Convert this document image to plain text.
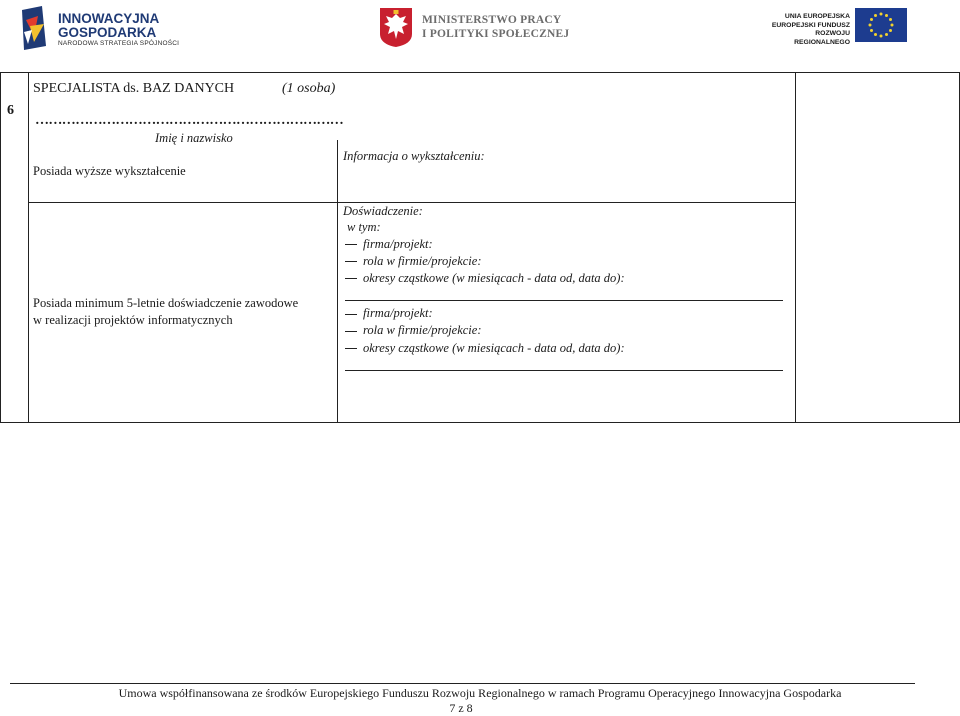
INNOWACYJNA
GOSPODARKA
NARODOWA STRATEGIA SPÓJNOŚCI
MINISTERSTWO PRACY
I POLITYKI SPOŁECZNEJ
UNIA EUROPEJSKA
EUROPEJSKI FUNDUSZ
ROZWOJU REGIONALNEGO
6
SPECJALISTA ds. BAZ DANYCH	(1 osoba)
……………………………………………………………
Imię i nazwisko
Posiada wyższe wykształcenie
Informacja o wykształceniu:
Posiada minimum 5-letnie doświadczenie zawodowe
w realizacji projektów informatycznych
Doświadczenie:
w tym:
firma/projekt:
rola w firmie/projekcie:
okresy cząstkowe (w miesiącach - data od, data do):
firma/projekt:
rola w firmie/projekcie:
okresy cząstkowe (w miesiącach - data od, data do):
Umowa współfinansowana ze środków Europejskiego Funduszu Rozwoju Regionalnego w ramach Programu Operacyjnego Innowacyjna Gospodarka
7 z 8
